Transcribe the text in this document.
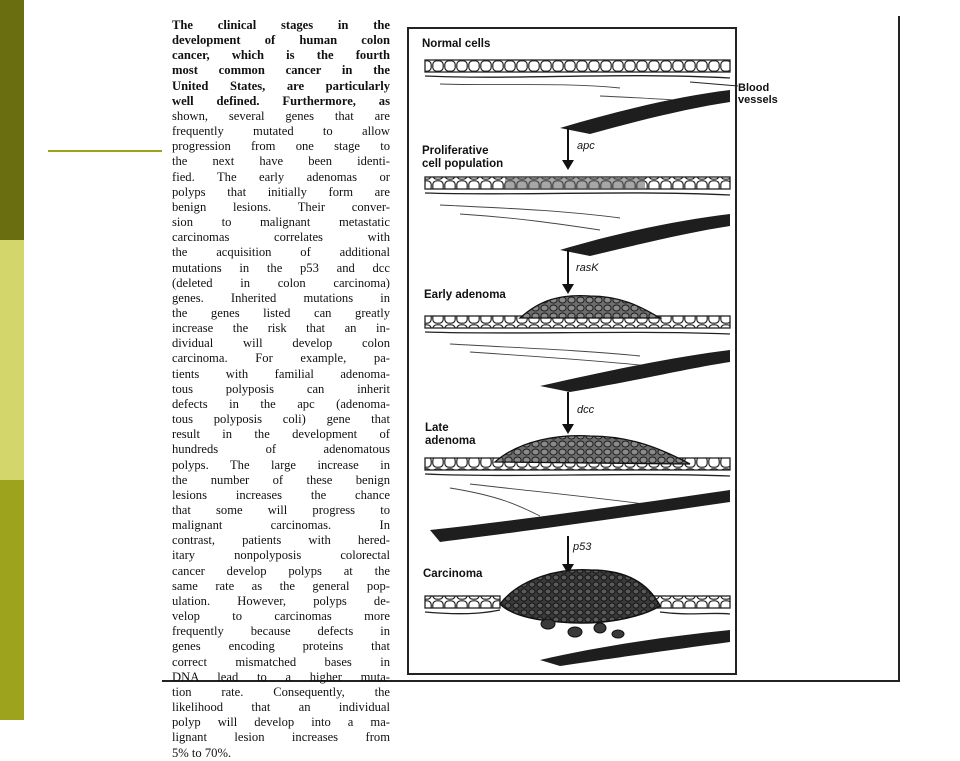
The clinical stages in the
development of human colon
cancer, which is the fourth
most common cancer in the
United States, are particularly
well defined. Furthermore, as
shown, several genes that are
frequently mutated to allow
progression from one stage to
the next have been identi-
fied. The early adenomas or
polyps that initially form are
benign lesions. Their conver-
sion to malignant metastatic
carcinomas correlates with
the acquisition of additional
mutations in the p53 and dcc
(deleted in colon carcinoma)
genes. Inherited mutations in
the genes listed can greatly
increase the risk that an in-
dividual will develop colon
carcinoma. For example, pa-
tients with familial adenoma-
tous polyposis can inherit
defects in the apc (adenoma-
tous polyposis coli) gene that
result in the development of
hundreds of adenomatous
polyps. The large increase in
the number of these benign
lesions increases the chance
that some will progress to
malignant carcinomas. In
contrast, patients with hered-
itary nonpolyposis colorectal
cancer develop polyps at the
same rate as the general pop-
ulation. However, polyps de-
velop to carcinomas more
frequently because defects in
genes encoding proteins that
correct mismatched bases in
DNA lead to a higher muta-
tion rate. Consequently, the
likelihood that an individual
polyp will develop into a ma-
lignant lesion increases from
5% to 70%.
Normal cells
Proliferative
cell population
Early adenoma
Late
adenoma
Carcinoma
apc
rasK
dcc
p53
Blood
vessels
